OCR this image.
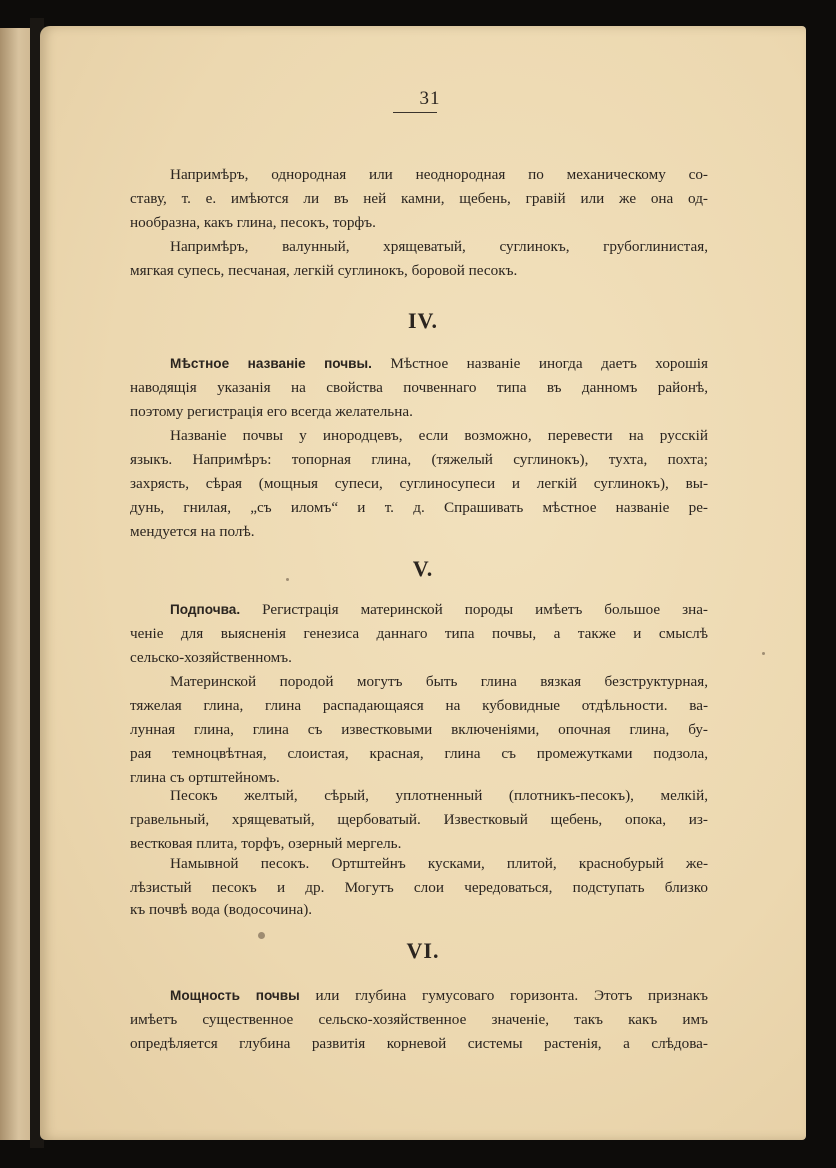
31
Напримѣръ, однородная или неоднородная по механическому со-
ставу, т. е. имѣются ли въ ней камни, щебень, гравій или же она од-
нообразна, какъ глина, песокъ, торфъ.
Напримѣръ, валунный, хрящеватый, суглинокъ, грубоглинистая,
мягкая супесь, песчаная, легкій суглинокъ, боровой песокъ.
IV.
Мѣстное названіе почвы. Мѣстное названіе иногда даетъ хорошія
наводящія указанія на свойства почвеннаго типа въ данномъ районѣ,
поэтому регистрація его всегда желательна.
Названіе почвы у инородцевъ, если возможно, перевести на русскій
языкъ. Напримѣръ: топорная глина, (тяжелый суглинокъ), тухта, похта;
захрясть, сѣрая (мощныя супеси, суглиносупеси и легкій суглинокъ), вы-
дунь, гнилая, „съ иломъ“ и т. д. Спрашивать мѣстное названіе ре-
мендуется на полѣ.
V.
Подпочва. Регистрація материнской породы имѣетъ большое зна-
ченіе для выясненія генезиса даннаго типа почвы, а также и смыслѣ
сельско-хозяйственномъ.
Материнской породой могутъ быть глина вязкая безструктурная,
тяжелая глина, глина распадающаяся на кубовидные отдѣльности. ва-
лунная глина, глина съ известковыми включеніями, опочная глина, бу-
рая темноцвѣтная, слоистая, красная, глина съ промежутками подзола,
глина съ ортштейномъ.
Песокъ желтый, сѣрый, уплотненный (плотникъ-песокъ), мелкій,
гравельный, хрящеватый, щербоватый. Известковый щебень, опока, из-
вестковая плита, торфъ, озерный мергель.
Намывной песокъ. Ортштейнъ кусками, плитой, краснобурый же-
лѣзистый песокъ и др. Могутъ слои чередоваться, подступать близко
къ почвѣ вода (водосочина).
VI.
Мощность почвы или глубина гумусоваго горизонта. Этотъ признакъ
имѣетъ существенное сельско-хозяйственное значеніе, такъ какъ имъ
опредѣляется глубина развитія корневой системы растенія, а слѣдова-
